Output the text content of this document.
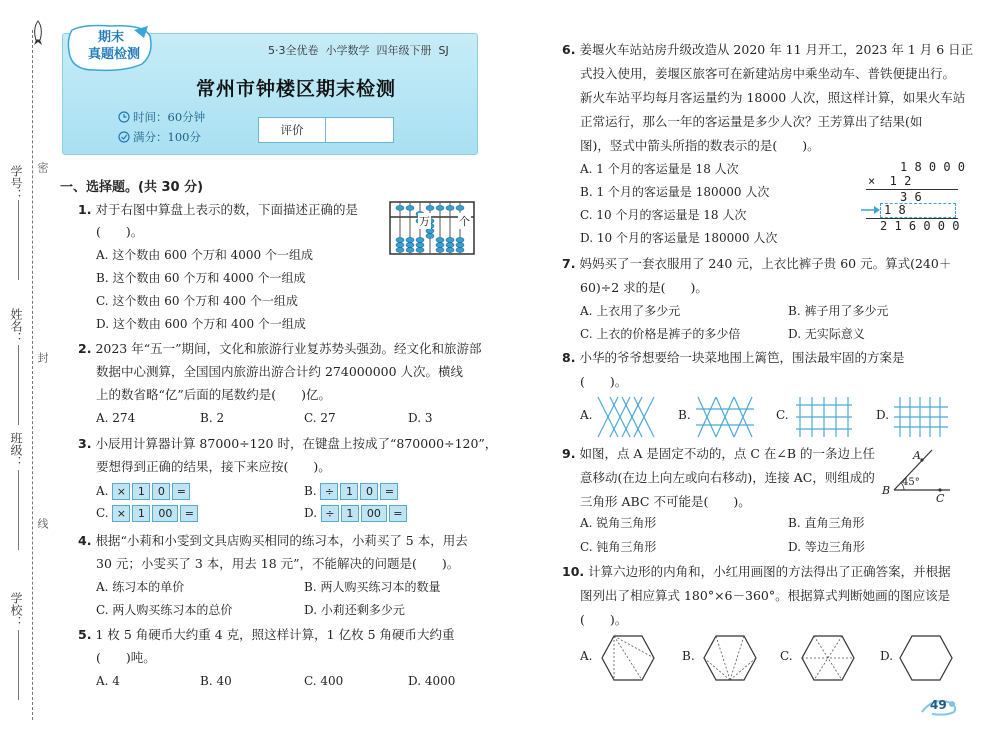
学号： 密
姓名：
封
班级：
线
学校：
期末
真题检测	5·3全优卷  小学数学  四年级下册  SJ
常州市钟楼区期末检测
时间：60分钟
满分：100分	评价
一、选择题。(共 30 分)
1. 对于右图中算盘上表示的数，下面描述正确的是
(　　)。
万	个
A. 这个数由 600 个万和 4000 个一组成
B. 这个数由 60 个万和 4000 个一组成
C. 这个数由 60 个万和 400 个一组成
D. 这个数由 600 个万和 400 个一组成
2. 2023 年“五一”期间，文化和旅游行业复苏势头强劲。经文化和旅游部
数据中心测算，全国国内旅游出游合计约 274000000 人次。横线
上的数省略“亿”后面的尾数约是(　　)亿。
A. 274	B. 2	C. 27	D. 3
3. 小辰用计算器计算 87000÷120 时，在键盘上按成了“870000÷120”，
要想得到正确的结果，接下来应按(　　)。
A. × 1 0 =	B. ÷ 1 0 =
C. × 1 00 =	D. ÷ 1 00 =
4. 根据“小莉和小雯到文具店购买相同的练习本，小莉买了 5 本，用去
30 元；小雯买了 3 本，用去 18 元”，不能解决的问题是(　　)。
A. 练习本的单价	B. 两人购买练习本的数量
C. 两人购买练习本的总价	D. 小莉还剩多少元
5. 1 枚 5 角硬币大约重 4 克，照这样计算，1 亿枚 5 角硬币大约重
(　　)吨。
A. 4	B. 40	C. 400	D. 4000
6. 姜堰火车站站房升级改造从 2020 年 11 月开工，2023 年 1 月 6 日正
式投入使用，姜堰区旅客可在新建站房中乘坐动车、普铁便捷出行。
新火车站平均每月客运量约为 18000 人次，照这样计算，如果火车站
正常运行，那么一年的客运量是多少人次？王芳算出了结果(如
图)，竖式中箭头所指的数表示的是(　　)。
A. 1 个月的客运量是 18 人次
B. 1 个月的客运量是 180000 人次
C. 10 个月的客运量是 18 人次
D. 10 个月的客运量是 180000 人次
1 8 0 0 0
×  1 2
3 6
1 8
2 1 6 0 0 0
7. 妈妈买了一套衣服用了 240 元，上衣比裤子贵 60 元。算式(240＋
60)÷2 求的是(　　)。
A. 上衣用了多少元	B. 裤子用了多少元
C. 上衣的价格是裤子的多少倍	D. 无实际意义
8. 小华的爷爷想要给一块菜地围上篱笆，围法最牢固的方案是
(　　)。
A.	B.	C.	D.
9. 如图，点 A 是固定不动的，点 C 在∠B 的一条边上任
意移动(在边上向左或向右移动)，连接 AC，则组成的
三角形 ABC 不可能是(　　)。
A
B
C
45°
A. 锐角三角形	B. 直角三角形
C. 钝角三角形	D. 等边三角形
10. 计算六边形的内角和，小红用画图的方法得出了正确答案，并根据
图列出了相应算式 180°×6－360°。根据算式判断她画的图应该是
(　　)。
A.	B.	C.	D.
49
